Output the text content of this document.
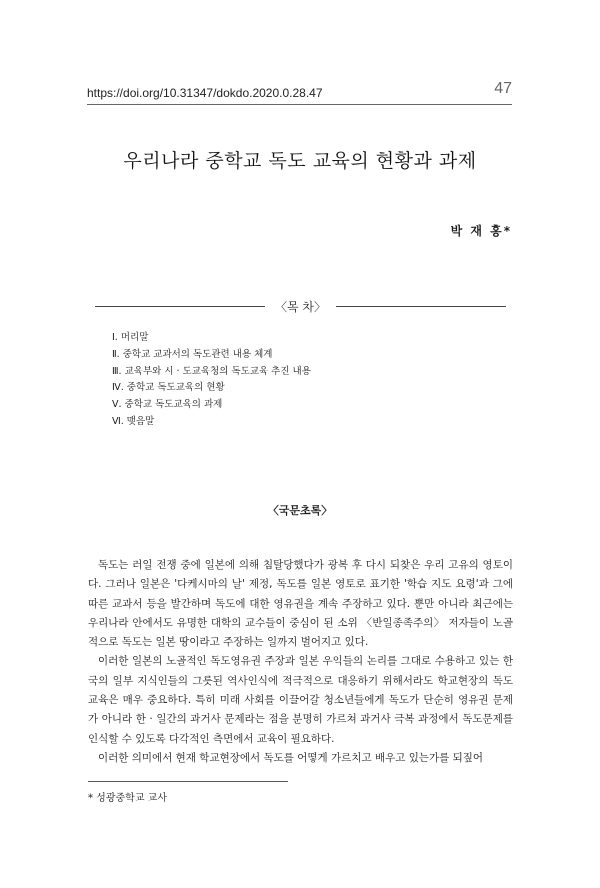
https://doi.org/10.31347/dokdo.2020.0.28.47	47
우리나라 중학교 독도 교육의 현황과 과제
박 재 홍*
〈목 차〉
Ⅰ. 머리말
Ⅱ. 중학교 교과서의 독도관련 내용 체계
Ⅲ. 교육부와 시 · 도교육청의 독도교육 추진 내용
Ⅳ. 중학교 독도교육의 현황
Ⅴ. 중학교 독도교육의 과제
Ⅵ. 맺음말
〈국문초록〉

독도는 러일 전쟁 중에 일본에 의해 침탈당했다가 광복 후 다시 되찾은 우리 고유의 영토이다. 그러나 일본은 '다케시마의 날' 제정, 독도를 일본 영토로 표기한 '학습 지도 요령'과 그에 따른 교과서 등을 발간하며 독도에 대한 영유권을 계속 주장하고 있다. 뿐만 아니라 최근에는 우리나라 안에서도 유명한 대학의 교수들이 중심이 된 소위 〈반일종족주의〉 저자들이 노골적으로 독도는 일본 땅이라고 주장하는 일까지 벌어지고 있다.

이러한 일본의 노골적인 독도영유권 주장과 일본 우익들의 논리를 그대로 수용하고 있는 한국의 일부 지식인들의 그릇된 역사인식에 적극적으로 대응하기 위해서라도 학교현장의 독도교육은 매우 중요하다. 특히 미래 사회를 이끌어갈 청소년들에게 독도가 단순히 영유권 문제가 아니라 한 · 일간의 과거사 문제라는 점을 분명히 가르쳐 과거사 극복 과정에서 독도문제를 인식할 수 있도록 다각적인 측면에서 교육이 필요하다.

이러한 의미에서 현재 학교현장에서 독도를 어떻게 가르치고 배우고 있는가를 되짚어

* 성광중학교 교사
